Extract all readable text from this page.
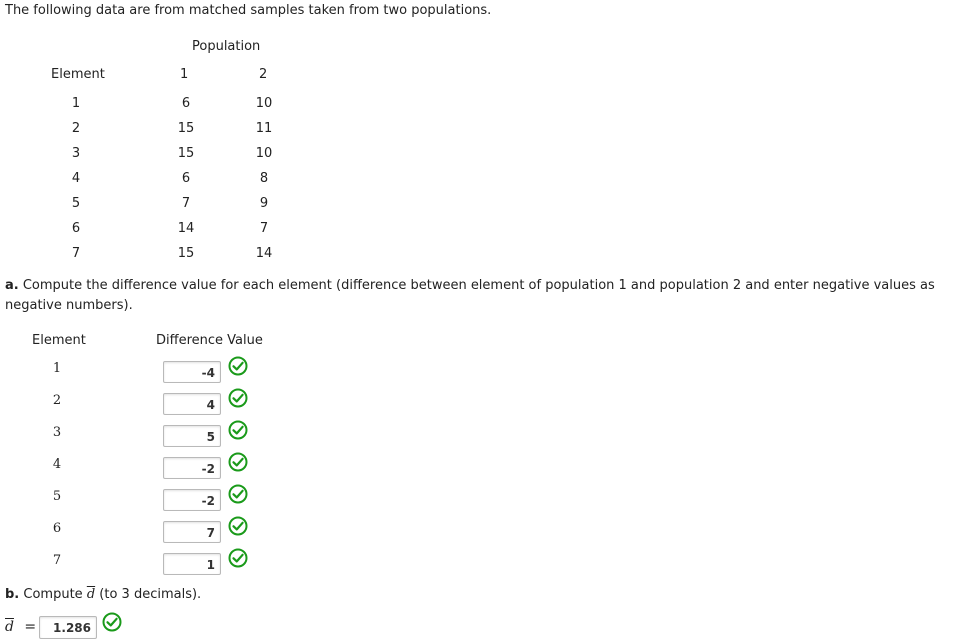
The following data are from matched samples taken from two populations.
Population
Element	1	2
1	6	10
2	15	11
3	15	10
4	6	8
5	7	9
6	14	7
7	15	14
a. Compute the difference value for each element (difference between element of population 1 and population 2 and enter negative values as negative numbers).
Element	Difference Value
1	-4
2	4
3	5
4	-2
5	-2
6	7
7	1
b. Compute $\overline{d}$ (to 3 decimals).
$\overline{d}$ =	1.286
